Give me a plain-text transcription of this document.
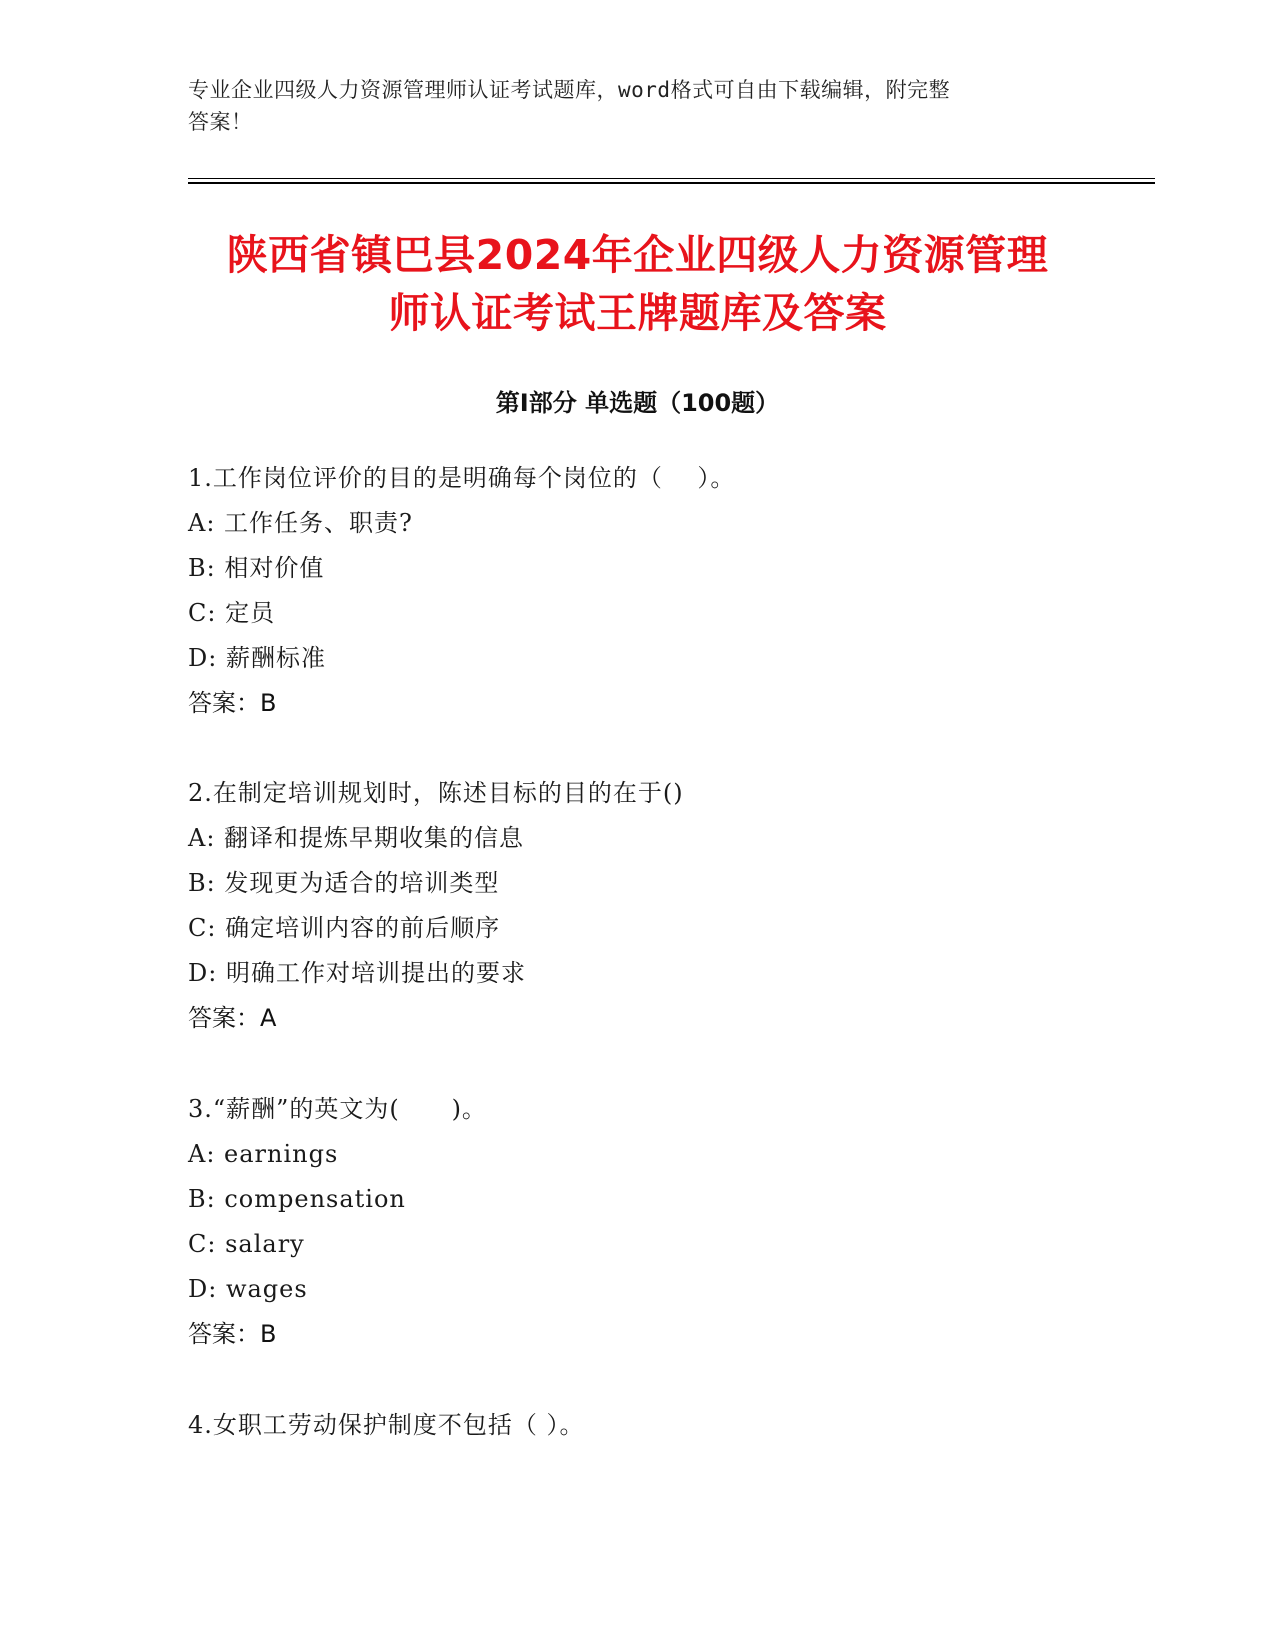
专业企业四级人力资源管理师认证考试题库，word格式可自由下载编辑，附完整
答案！
陕西省镇巴县2024年企业四级人力资源管理
师认证考试王牌题库及答案
第Ⅰ部分 单选题（100题）
1.工作岗位评价的目的是明确每个岗位的（    ）。
A: 工作任务、职责?
B: 相对价值
C: 定员
D: 薪酬标准
答案：B
2.在制定培训规划时，陈述目标的目的在于()
A: 翻译和提炼早期收集的信息
B: 发现更为适合的培训类型
C: 确定培训内容的前后顺序
D: 明确工作对培训提出的要求
答案：A
3.“薪酬”的英文为(      )。
A: earnings
B: compensation
C: salary
D: wages
答案：B
4.女职工劳动保护制度不包括（ ）。
